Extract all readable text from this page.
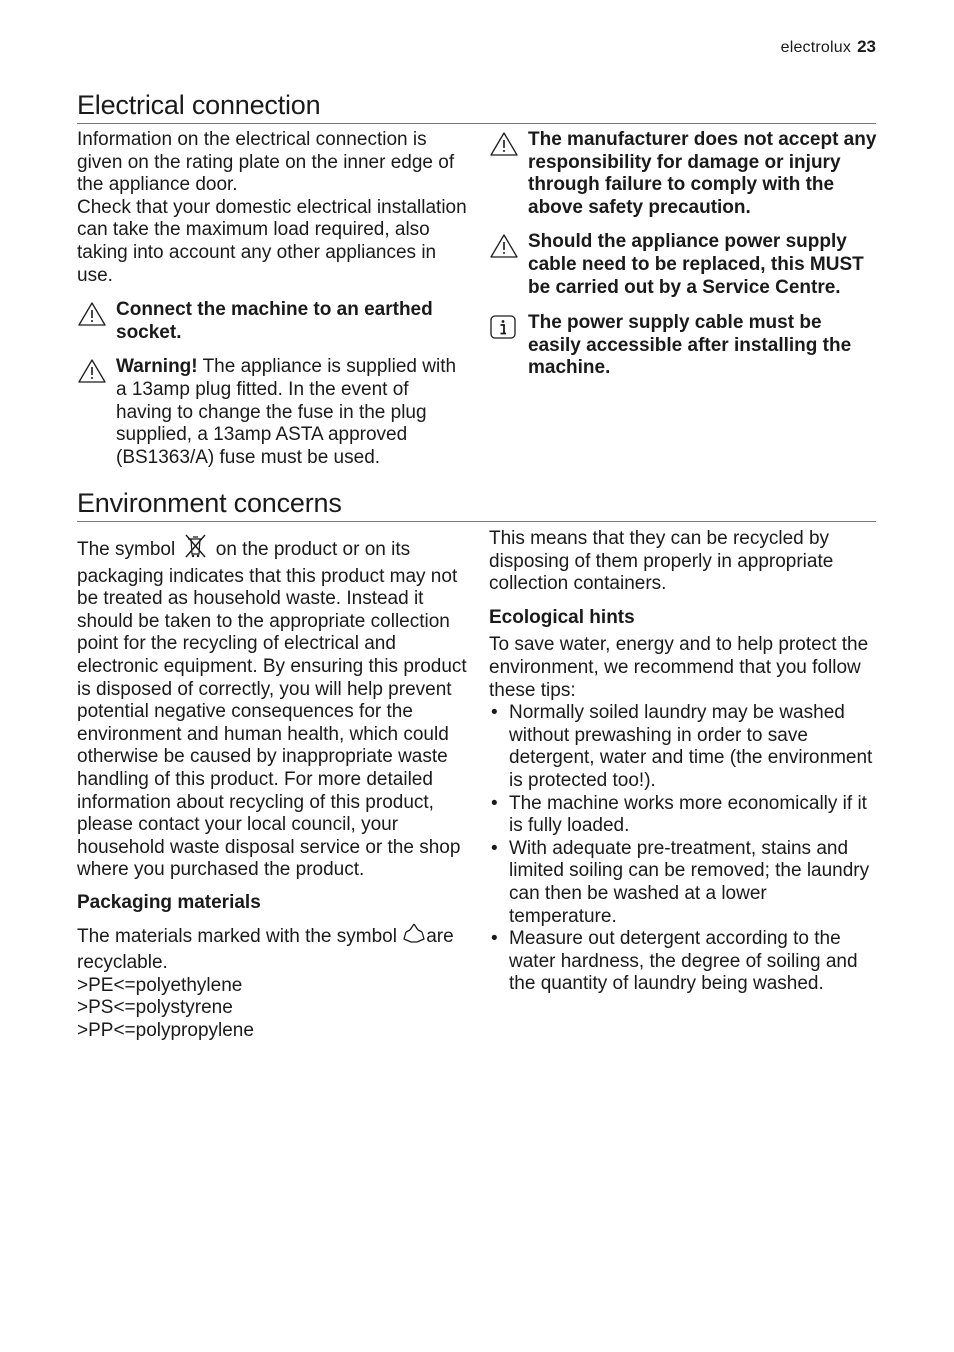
electrolux 23
Electrical connection

Information on the electrical connection is given on the rating plate on the inner edge of the appliance door.

Check that your domestic electrical installation can take the maximum load required, also taking into account any other appliances in use.

Connect the machine to an earthed socket.

Warning! The appliance is supplied with a 13amp plug fitted. In the event of having to change the fuse in the plug supplied, a 13amp ASTA approved (BS1363/A) fuse must be used.

The manufacturer does not accept any responsibility for damage or injury through failure to comply with the above safety precaution.

Should the appliance power supply cable need to be replaced, this MUST be carried out by a Service Centre.

The power supply cable must be easily accessible after installing the machine.

Environment concerns

The symbol on the product or on its packaging indicates that this product may not be treated as household waste. Instead it should be taken to the appropriate collection point for the recycling of electrical and electronic equipment. By ensuring this product is disposed of correctly, you will help prevent potential negative consequences for the environment and human health, which could otherwise be caused by inappropriate waste handling of this product. For more detailed information about recycling of this product, please contact your local council, your household waste disposal service or the shop where you purchased the product.

Packaging materials

The materials marked with the symbol are recyclable.

>PE<=polyethylene

>PS<=polystyrene

>PP<=polypropylene

This means that they can be recycled by disposing of them properly in appropriate collection containers.

Ecological hints

To save water, energy and to help protect the environment, we recommend that you follow these tips:

• Normally soiled laundry may be washed without prewashing in order to save detergent, water and time (the environment is protected too!).
• The machine works more economically if it is fully loaded.
• With adequate pre-treatment, stains and limited soiling can be removed; the laundry can then be washed at a lower temperature.
• Measure out detergent according to the water hardness, the degree of soiling and the quantity of laundry being washed.
